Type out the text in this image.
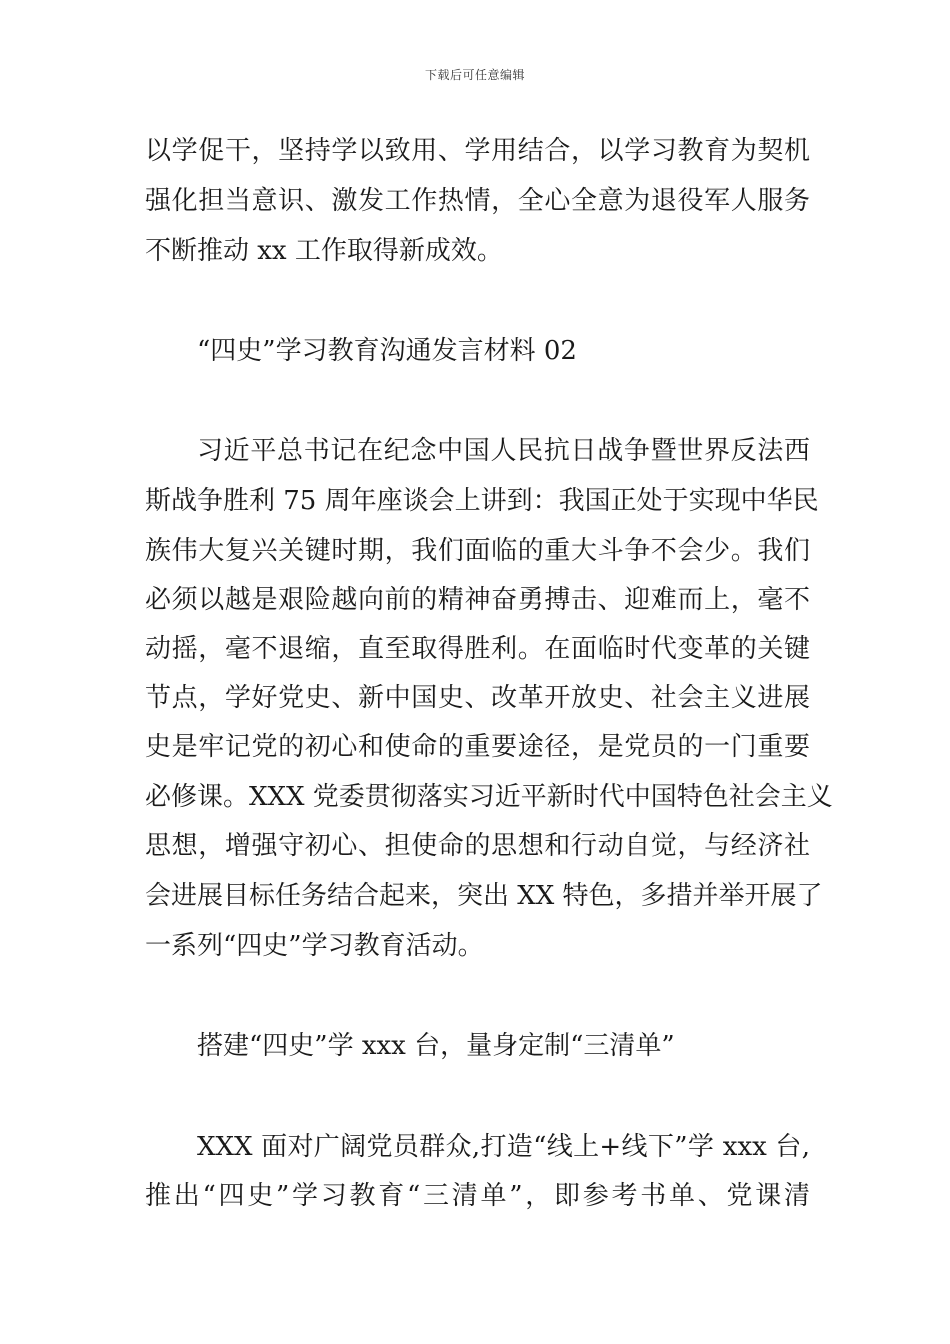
下载后可任意编辑
以学促干，坚持学以致用、学用结合，以学习教育为契机
强化担当意识、激发工作热情，全心全意为退役军人服务
不断推动 xx 工作取得新成效。
“四史”学习教育沟通发言材料 02
习近平总书记在纪念中国人民抗日战争暨世界反法西
斯战争胜利 75 周年座谈会上讲到：我国正处于实现中华民
族伟大复兴关键时期，我们面临的重大斗争不会少。我们
必须以越是艰险越向前的精神奋勇搏击、迎难而上，毫不
动摇，毫不退缩，直至取得胜利。在面临时代变革的关键
节点，学好党史、新中国史、改革开放史、社会主义进展
史是牢记党的初心和使命的重要途径，是党员的一门重要
必修课。XXX 党委贯彻落实习近平新时代中国特色社会主义
思想，增强守初心、担使命的思想和行动自觉，与经济社
会进展目标任务结合起来，突出 XX 特色，多措并举开展了
一系列“四史”学习教育活动。
搭建“四史”学 xxx 台，量身定制“三清单”
XXX 面对广阔党员群众,打造“线上+线下”学 xxx 台,
推出“四史”学习教育“三清单”，即参考书单、党课清
